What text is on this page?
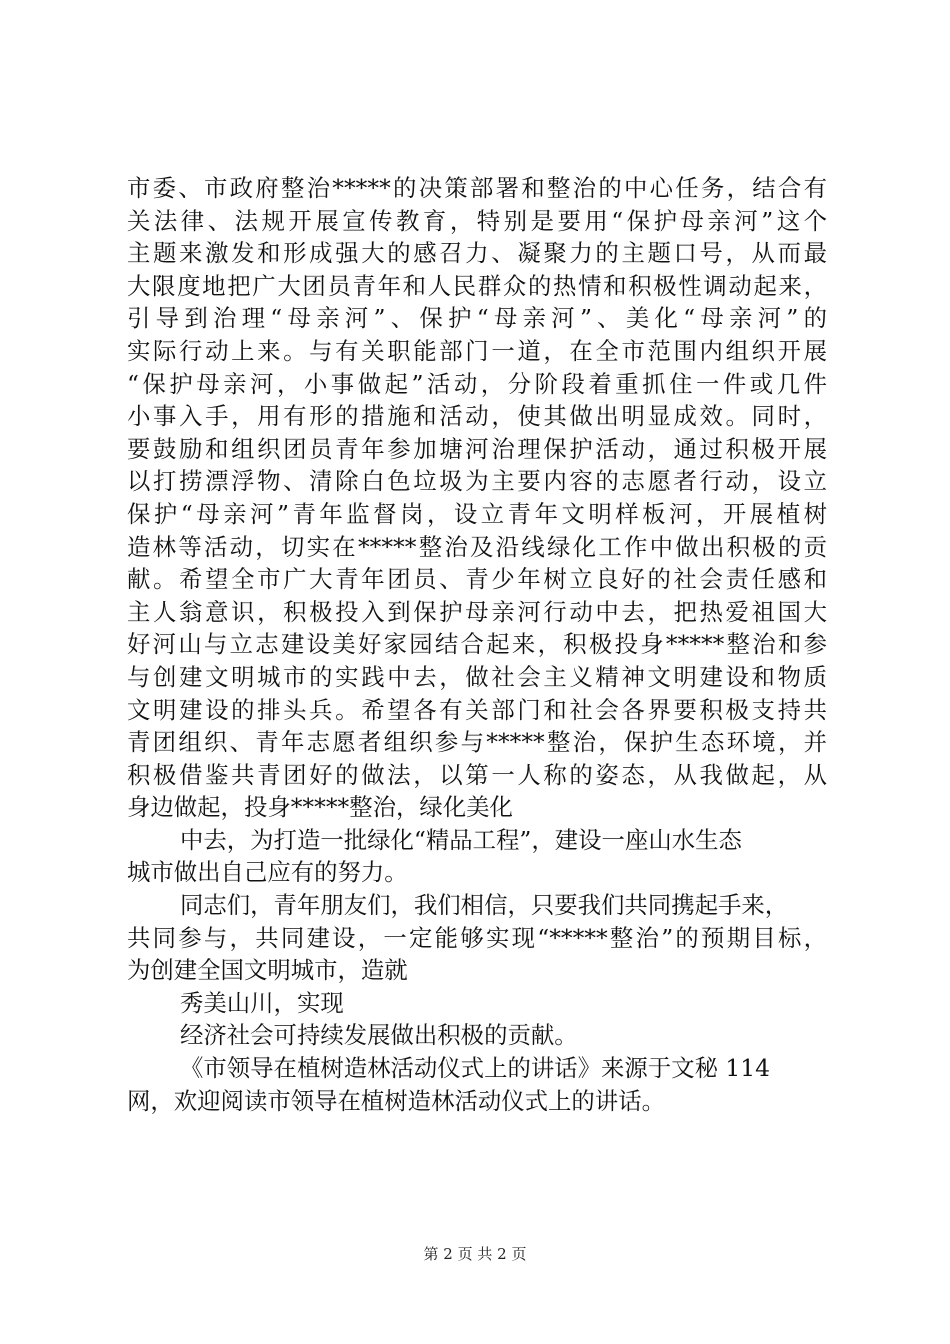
市委、市政府整治*****的决策部署和整治的中心任务，结合有
关法律、法规开展宣传教育，特别是要用“保护母亲河”这个
主题来激发和形成强大的感召力、凝聚力的主题口号，从而最
大限度地把广大团员青年和人民群众的热情和积极性调动起来，
引导到治理“母亲河”、保护“母亲河”、美化“母亲河”的
实际行动上来。与有关职能部门一道，在全市范围内组织开展
“保护母亲河，小事做起”活动，分阶段着重抓住一件或几件
小事入手，用有形的措施和活动，使其做出明显成效。同时，
要鼓励和组织团员青年参加塘河治理保护活动，通过积极开展
以打捞漂浮物、清除白色垃圾为主要内容的志愿者行动，设立
保护“母亲河”青年监督岗，设立青年文明样板河，开展植树
造林等活动，切实在*****整治及沿线绿化工作中做出积极的贡
献。希望全市广大青年团员、青少年树立良好的社会责任感和
主人翁意识，积极投入到保护母亲河行动中去，把热爱祖国大
好河山与立志建设美好家园结合起来，积极投身*****整治和参
与创建文明城市的实践中去，做社会主义精神文明建设和物质
文明建设的排头兵。希望各有关部门和社会各界要积极支持共
青团组织、青年志愿者组织参与*****整治，保护生态环境，并
积极借鉴共青团好的做法，以第一人称的姿态，从我做起，从
身边做起，投身*****整治，绿化美化
中去，为打造一批绿化“精品工程”，建设一座山水生态
城市做出自己应有的努力。
同志们，青年朋友们，我们相信，只要我们共同携起手来，
共同参与，共同建设，一定能够实现“*****整治”的预期目标，
为创建全国文明城市，造就
秀美山川，实现
经济社会可持续发展做出积极的贡献。
《市领导在植树造林活动仪式上的讲话》来源于文秘 114
网，欢迎阅读市领导在植树造林活动仪式上的讲话。
第 2 页 共 2 页
